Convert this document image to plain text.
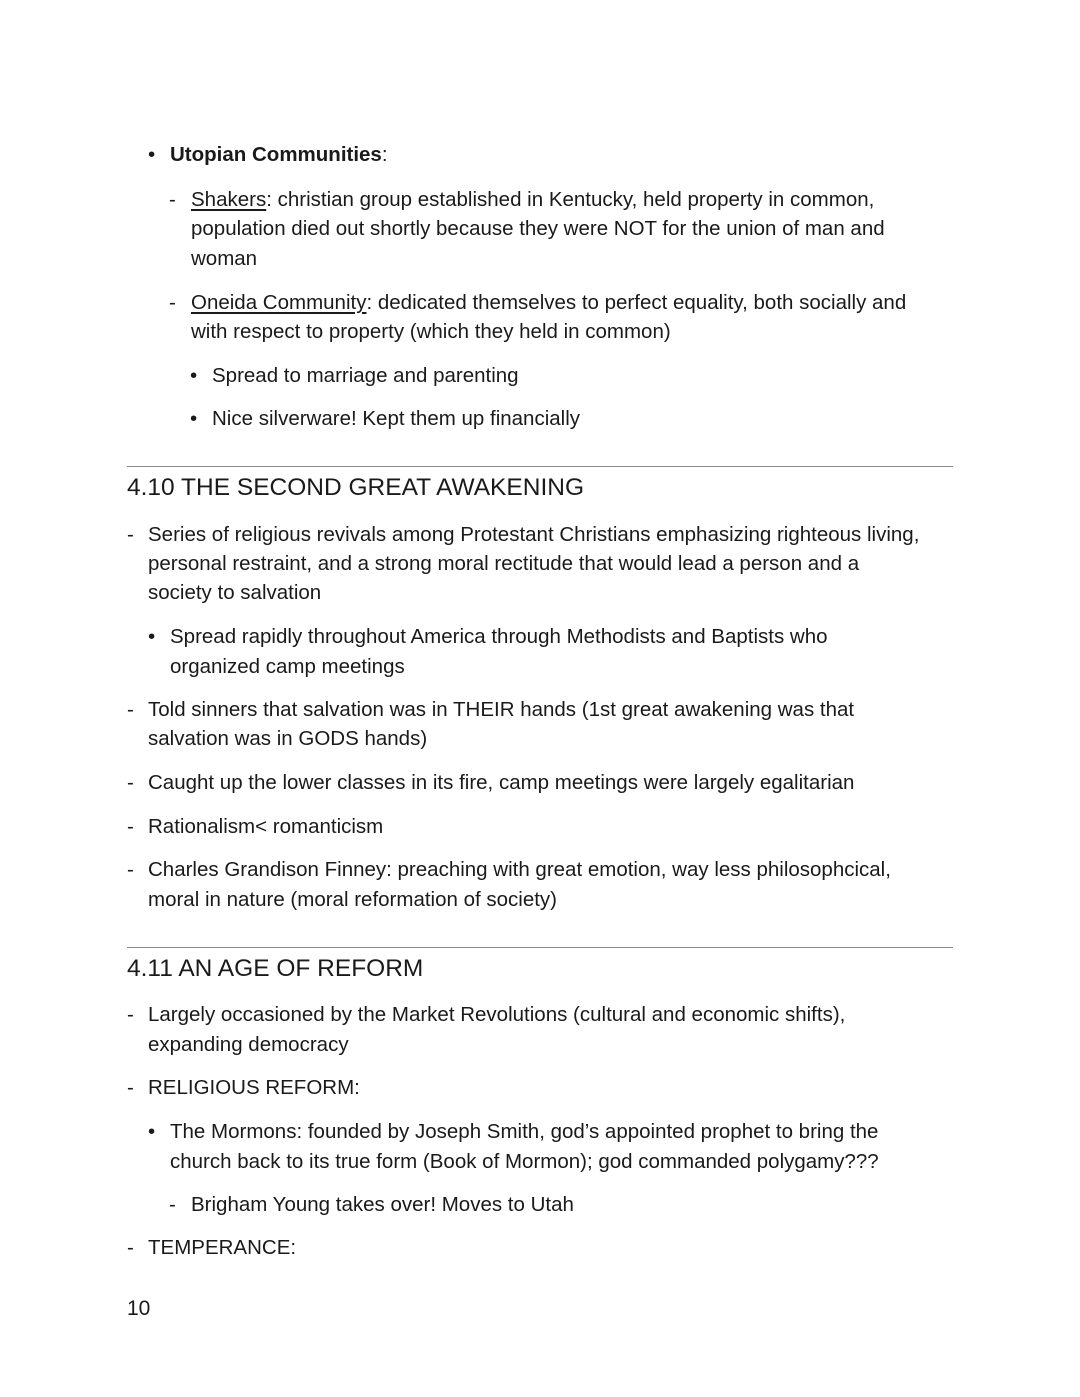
• Utopian Communities:
- Shakers: christian group established in Kentucky, held property in common,
population died out shortly because they were NOT for the union of man and
woman
- Oneida Community: dedicated themselves to perfect equality, both socially and
with respect to property (which they held in common)
• Spread to marriage and parenting
• Nice silverware! Kept them up financially
4.10 THE SECOND GREAT AWAKENING
- Series of religious revivals among Protestant Christians emphasizing righteous living,
personal restraint, and a strong moral rectitude that would lead a person and a
society to salvation
• Spread rapidly throughout America through Methodists and Baptists who
organized camp meetings
- Told sinners that salvation was in THEIR hands (1st great awakening was that
salvation was in GODS hands)
- Caught up the lower classes in its fire, camp meetings were largely egalitarian
- Rationalism< romanticism
- Charles Grandison Finney: preaching with great emotion, way less philosophcical,
moral in nature (moral reformation of society)
4.11 AN AGE OF REFORM
- Largely occasioned by the Market Revolutions (cultural and economic shifts),
expanding democracy
- RELIGIOUS REFORM:
• The Mormons: founded by Joseph Smith, god’s appointed prophet to bring the
church back to its true form (Book of Mormon); god commanded polygamy???
- Brigham Young takes over! Moves to Utah
- TEMPERANCE:
10
